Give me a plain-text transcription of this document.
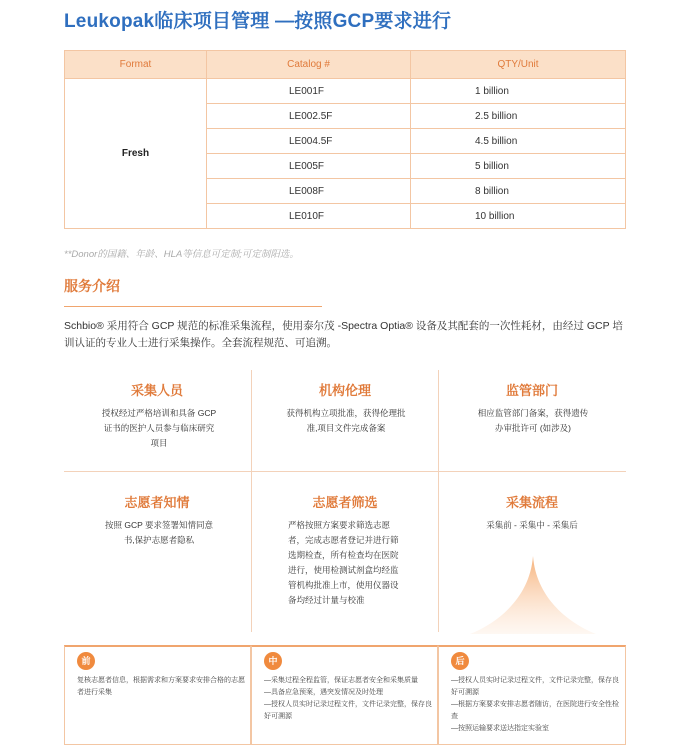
Leukopak临床项目管理 —按照GCP要求进行
Format	Catalog #	QTY/Unit
Fresh	LE001F	1 billion
	LE002.5F	2.5 billion
	LE004.5F	4.5 billion
	LE005F	5 billion
	LE008F	8 billion
	LE010F	10 billion
**Donor的国籍、年龄、HLA等信息可定制;可定制阳选。
服务介绍
Schbio® 采用符合 GCP 规范的标准采集流程，使用泰尔茂 -Spectra Optia® 设备及其配套的一次性耗材，由经过 GCP 培训认证的专业人士进行采集操作。全套流程规范、可追溯。
采集人员
授权经过严格培训和具备 GCP 证书的医护人员参与临床研究项目
机构伦理
获得机构立项批准，获得伦理批准,项目文件完成备案
监管部门
相应监管部门备案，获得遗传办审批许可 (如涉及)
志愿者知情
按照 GCP 要求签署知情同意书,保护志愿者隐私
志愿者筛选
严格按照方案要求筛选志愿者，完成志愿者登记并进行筛选期检查，所有检查均在医院进行，使用检测试剂盒均经监管机构批准上市，使用仪器设备均经过计量与校准
采集流程
采集前 - 采集中 - 采集后
前
复核志愿者信息，根据需求和方案要求安排合格的志愿
者进行采集
中
—采集过程全程监管，保证志愿者安全和采集质量
—具备应急预案，遇突发情况及时处理
—授权人员实时记录过程文件，文件记录完整，保存良
好可溯源
后
—授权人员实时记录过程文件，文件记录完整，保存良
好可溯源
—根据方案要求安排志愿者随访，在医院进行安全性检
查
—按照运输要求送达指定实验室
